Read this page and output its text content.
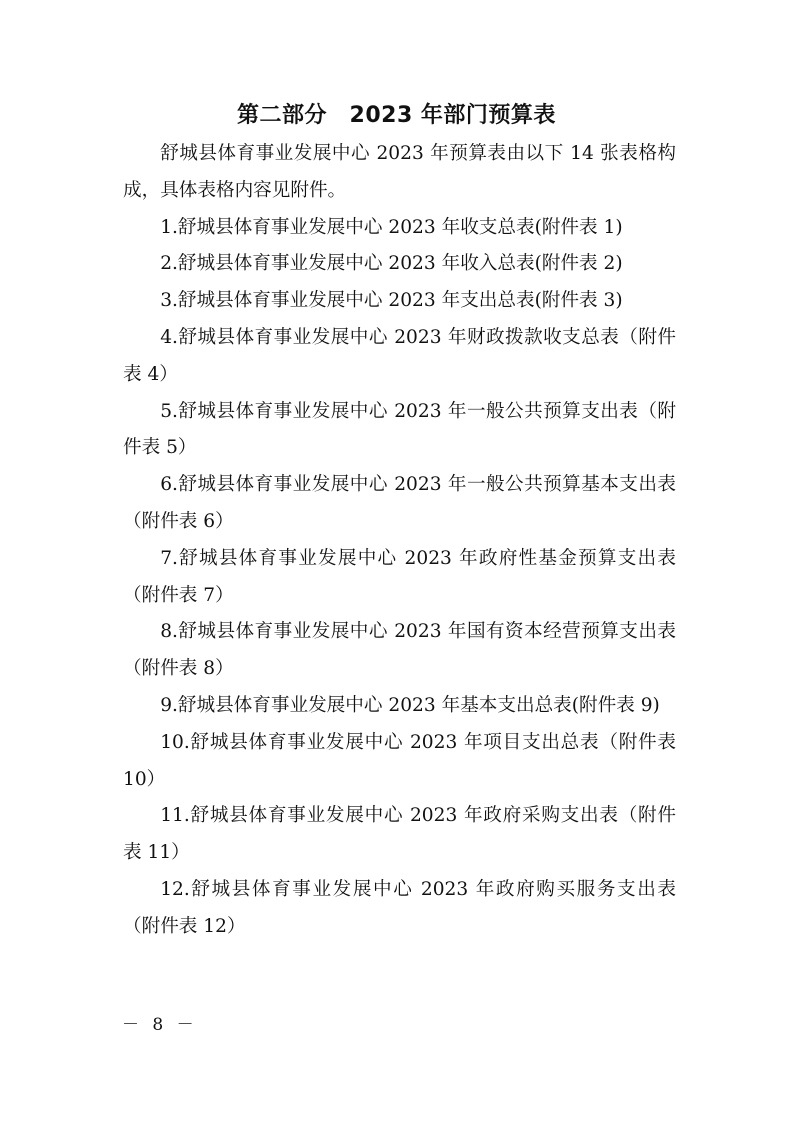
第二部分　2023 年部门预算表

舒城县体育事业发展中心 2023 年预算表由以下 14 张表格构成，具体表格内容见附件。

1.舒城县体育事业发展中心 2023 年收支总表(附件表 1)

2.舒城县体育事业发展中心 2023 年收入总表(附件表 2)

3.舒城县体育事业发展中心 2023 年支出总表(附件表 3)

4.舒城县体育事业发展中心 2023 年财政拨款收支总表（附件表 4）

5.舒城县体育事业发展中心 2023 年一般公共预算支出表（附件表 5）

6.舒城县体育事业发展中心 2023 年一般公共预算基本支出表（附件表 6）

7.舒城县体育事业发展中心 2023 年政府性基金预算支出表（附件表 7）

8.舒城县体育事业发展中心 2023 年国有资本经营预算支出表（附件表 8）

9.舒城县体育事业发展中心 2023 年基本支出总表(附件表 9)

10.舒城县体育事业发展中心 2023 年项目支出总表（附件表 10）

11.舒城县体育事业发展中心 2023 年政府采购支出表（附件表 11）

12.舒城县体育事业发展中心 2023 年政府购买服务支出表（附件表 12）

－ 8 －
